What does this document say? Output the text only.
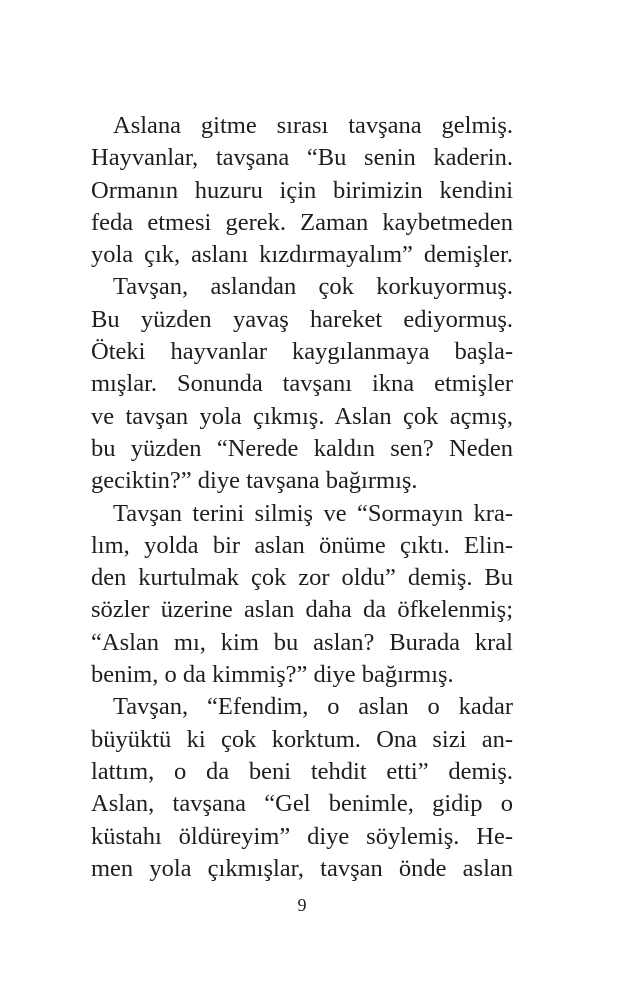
Aslana gitme sırası tavşana gelmiş.
Hayvanlar, tavşana “Bu senin kaderin.
Ormanın huzuru için birimizin kendini
feda etmesi gerek. Zaman kaybetmeden
yola çık, aslanı kızdırmayalım” demişler.
Tavşan, aslandan çok korkuyormuş.
Bu yüzden yavaş hareket ediyormuş.
Öteki hayvanlar kaygılanmaya başla-
mışlar. Sonunda tavşanı ikna etmişler
ve tavşan yola çıkmış. Aslan çok açmış,
bu yüzden “Nerede kaldın sen? Neden
geciktin?” diye tavşana bağırmış.
Tavşan terini silmiş ve “Sormayın kra-
lım, yolda bir aslan önüme çıktı. Elin-
den kurtulmak çok zor oldu” demiş. Bu
sözler üzerine aslan daha da öfkelenmiş;
“Aslan mı, kim bu aslan? Burada kral
benim, o da kimmiş?” diye bağırmış.
Tavşan, “Efendim, o aslan o kadar
büyüktü ki çok korktum. Ona sizi an-
lattım, o da beni tehdit etti” demiş.
Aslan, tavşana “Gel benimle, gidip o
küstahı öldüreyim” diye söylemiş. He-
men yola çıkmışlar, tavşan önde aslan
9
